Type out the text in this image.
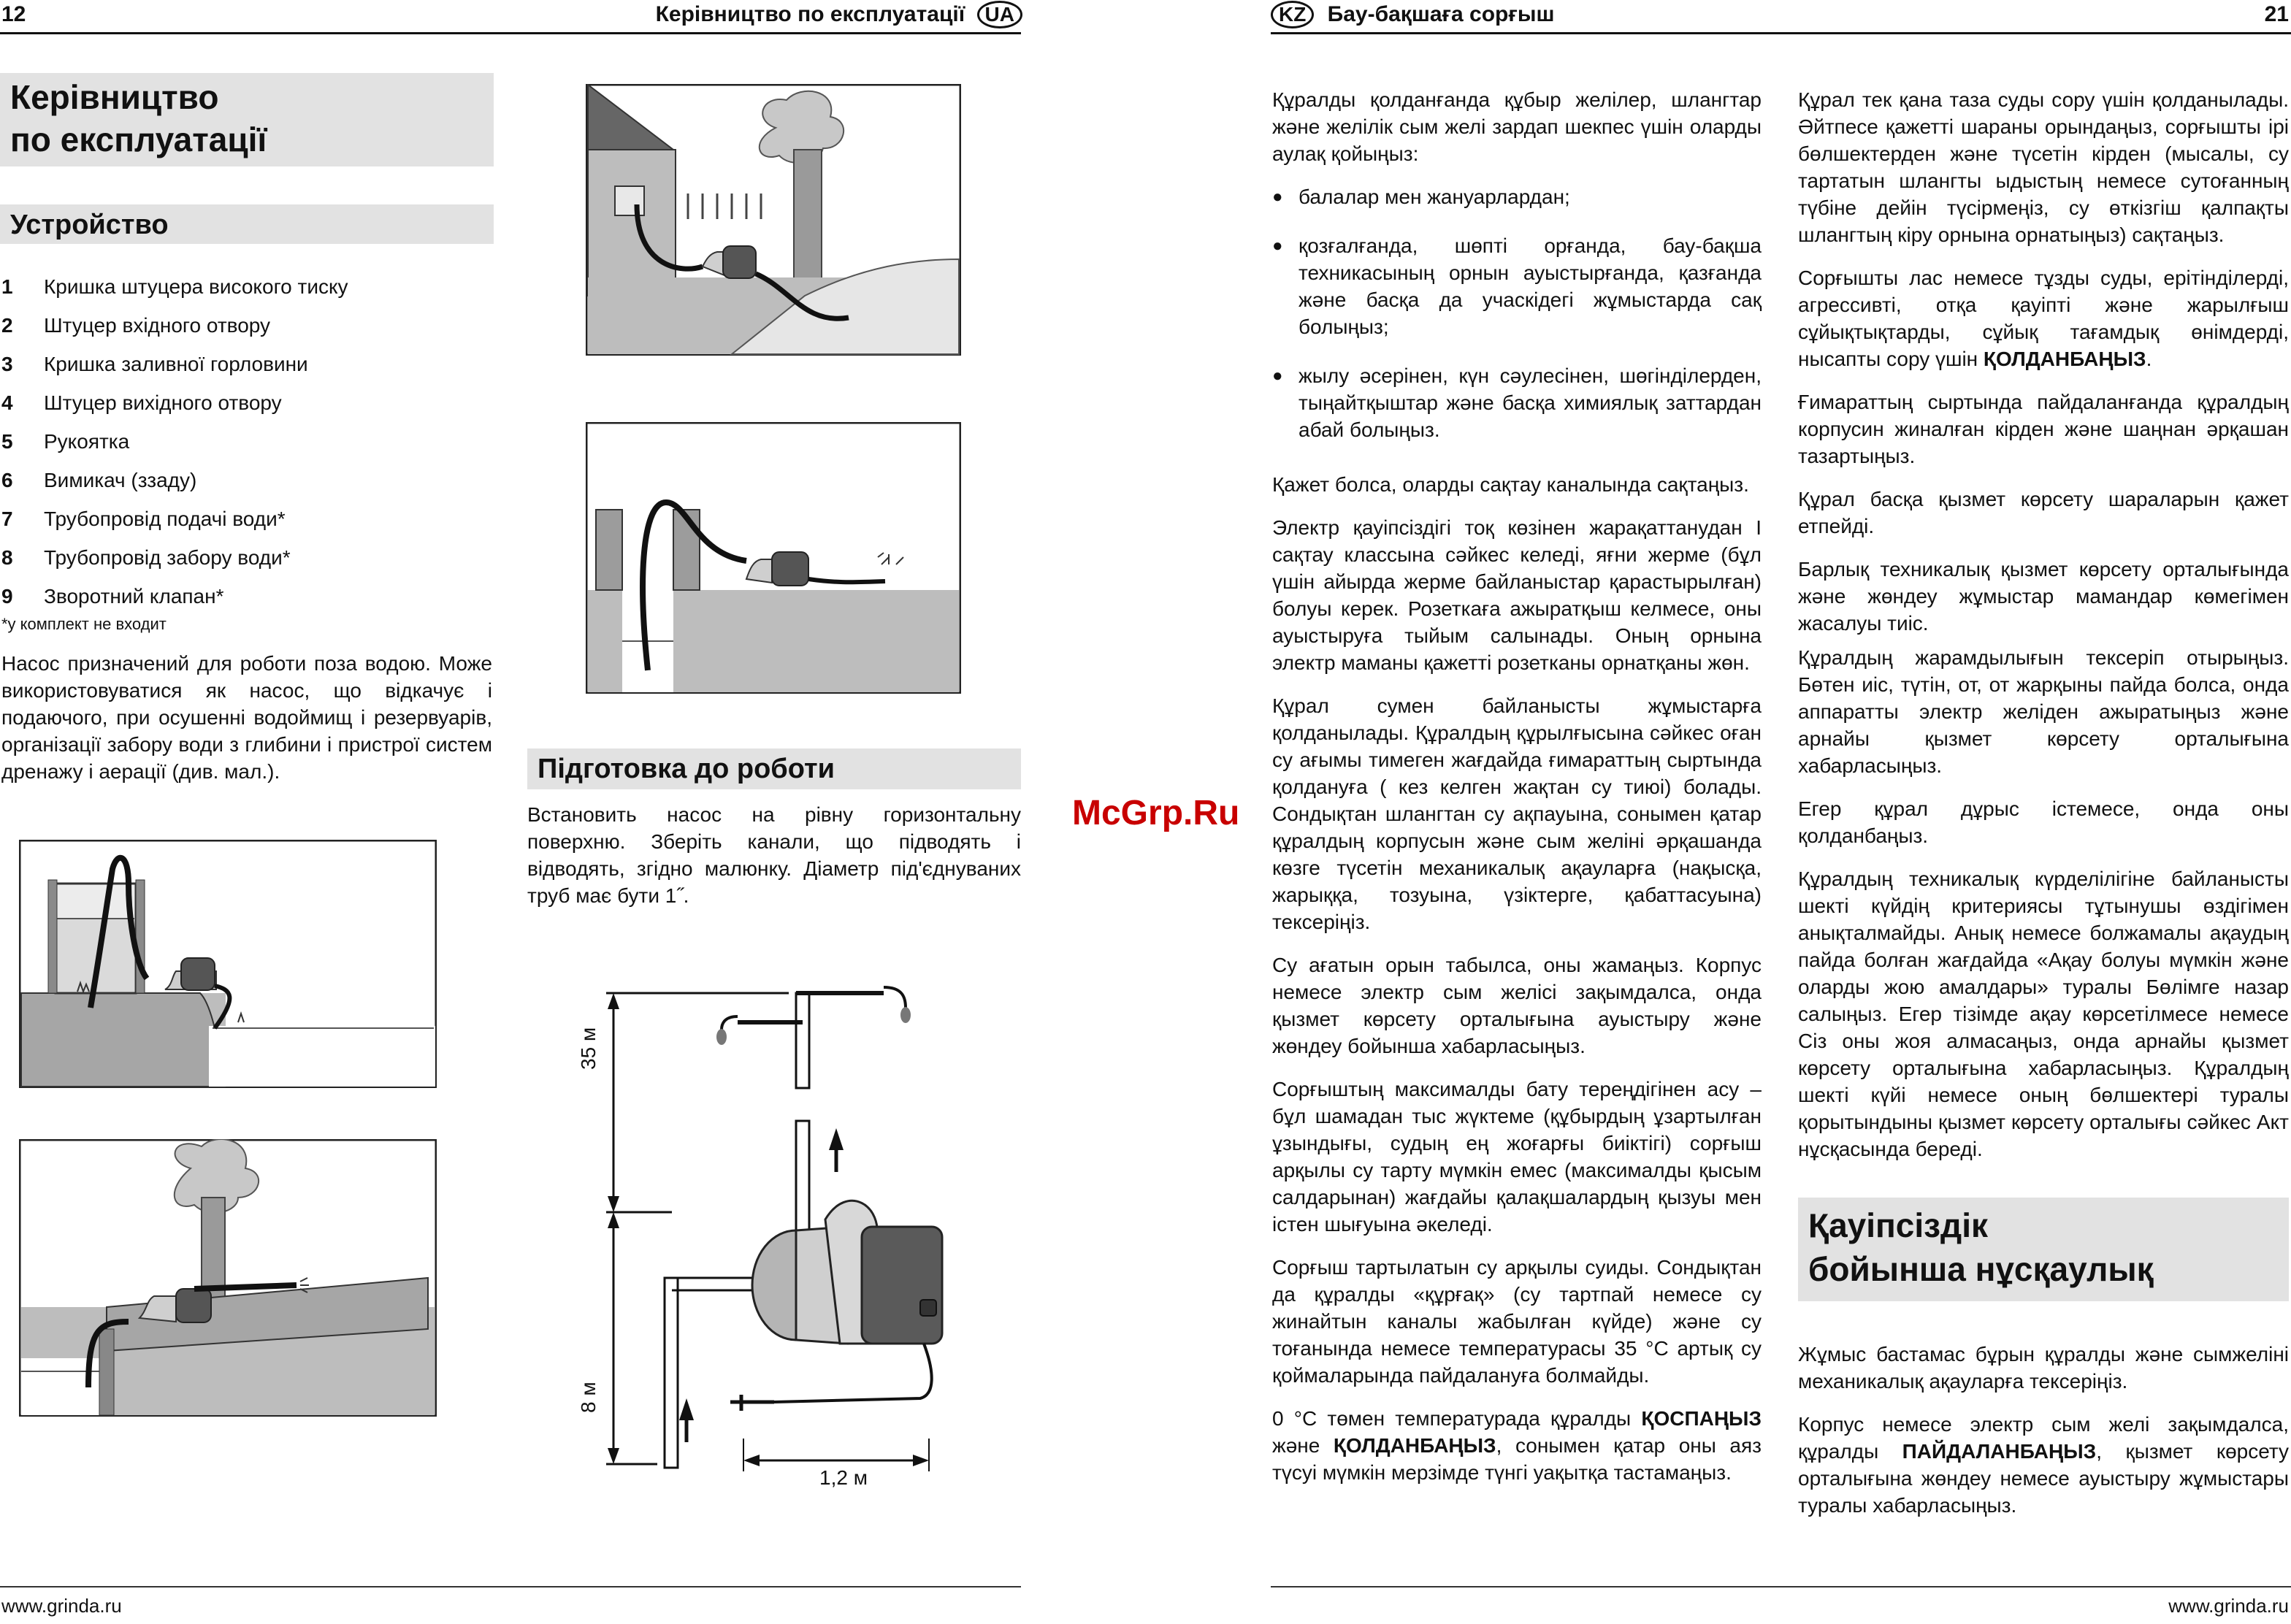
12	Керівництво по експлуатації UA
Керівництво
по експлуатації
Устройство
1	Кришка штуцера високого тиску
2	Штуцер вхідного отвору
3	Кришка заливної горловини
4	Штуцер вихідного отвору
5	Рукоятка
6	Вимикач (ззаду)
7	Трубопровід подачі води*
8	Трубопровід забору води*
9	Зворотний клапан*
*у комплект не входит
Насос призначений для роботи поза водою. Може використовуватися як насос, що відкачує і подаючого, при осушенні водоймищ і резервуарів, організації забору води з глибини і пристрої систем дренажу і аерації (див. мал.).	Підготовка до роботи
Встановить насос на рівну горизонтальну поверхню. Зберіть канали, що підводять і відводять, згідно малюнку. Діаметр під'єднуваних труб має бути 1˝.
35 м
8 м
1,2 м
www.grinda.ru
KZ Бау-бақшаға сорғыш	21
McGrp.Ru

Құралды қолданғанда құбыр желілер, шлангтар және желілік сым желі зардап шекпес үшін оларды аулақ қойыңыз:

● балалар мен жануарлардан;
● қозғалғанда, шөпті орғанда, бау-бақша техникасының орнын ауыстырғанда, қазғанда және басқа да учаскідегі жұмыстарда сақ болыңыз;
● жылу әсерінен, күн сәулесінен, шөгінділерден, тыңайтқыштар және басқа химиялық заттардан абай болыңыз.

Қажет болса, оларды сақтау каналында сақтаңыз.

Электр қауіпсіздігі тоқ көзінен жарақаттанудан I сақтау классына сәйкес келеді, яғни жерме (бұл үшін айырда жерме байланыстар қарастырылған) болуы керек. Розеткаға ажыратқыш келмесе, оны ауыстыруға тыйым салынады. Оның орнына электр маманы қажетті розетканы орнатқаны жөн.

Құрал сумен байланысты жұмыстарға қолданылады. Құралдың құрылғысына сәйкес оған су ағымы тимеген жағдайда ғимараттың сыртында қолдануға ( кез келген жақтан су тиюі) болады. Сондықтан шлангтан су ақпауына, сонымен қатар құралдың корпусын және сым желіні әрқашанда көзге түсетін механикалық ақауларға (нақысқа, жарыққа, тозуына, үзіктерге, қабаттасуына) тексеріңіз.

Су ағатын орын табылса, оны жамаңыз. Корпус немесе электр сым желісі зақымдалса, онда қызмет көрсету орталығына ауыстыру және жөндеу бойынша хабарласыңыз.

Сорғыштың максималды бату тереңдігінен асу – бұл шамадан тыс жүктеме (құбырдың ұзартылған ұзындығы, судың ең жоғарғы биіктігі) сорғыш арқылы су тарту мүмкін емес (максималды қысым салдарынан) жағдайы қалақшалардың қызуы мен істен шығуына әкеледі.

Сорғыш тартылатын су арқылы суиды. Сондықтан да құралды «құрғақ» (су тартпай немесе су жинайтын каналы жабылған күйде) және су тоғанында немесе температурасы 35 °С артық су қоймаларында пайдалануға болмайды.

0 °С төмен температурада құралды ҚОСПАҢЫЗ және ҚОЛДАНБАҢЫЗ, сонымен қатар оны аяз түсуі мүмкін мерзімде түнгі уақытқа тастамаңыз.

Құрал тек қана таза суды сору үшін қолданылады. Әйтпесе қажетті шараны орындаңыз, сорғышты ірі бөлшектерден және түсетін кірден (мысалы, су тартатын шлангты ыдыстың немесе сутоғанның түбіне дейін түсірмеңіз, су өткізгіш қалпақты шлангтың кіру орнына орнатыңыз) сақтаңыз.

Сорғышты лас немесе тұзды суды, ерітінділерді, агрессивті, отқа қауіпті және жарылғыш сұйықтықтарды, сұйық тағамдық өнімдерді, нысапты сору үшін ҚОЛДАНБАҢЫЗ.

Ғимараттың сыртында пайдаланғанда құралдың корпусин жиналған кірден және шаңнан әрқашан тазартыңыз.

Құрал басқа қызмет көрсету шараларын қажет етпейді.

Барлық техникалық қызмет көрсету орталығында және жөндеу жұмыстар мамандар көмегімен жасалуы тиіс.

Құралдың жарамдылығын тексеріп отырыңыз. Бөтен иіс, түтін, от, от жарқыны пайда болса, онда аппаратты электр желіден ажыратыңыз және арнайы қызмет көрсету орталығына хабарласыңыз.

Егер құрал дұрыс істемесе, онда оны қолданбаңыз.

Құралдың техникалық күрделілігіне байланысты шекті күйдің критериясы тұтынушы өздігімен анықталмайды. Анық немесе болжамалы ақаудың пайда болған жағдайда «Ақау болуы мүмкін және оларды жою амалдары» туралы Бөлімге назар салыңыз. Егер тізімде ақау көрсетілмесе немесе Сіз оны жоя алмасаңыз, онда арнайы қызмет көрсету орталығына хабарласыңыз. Құралдың шекті күйі немесе оның бөлшектері туралы қорытындыны қызмет көрсету орталығы сәйкес Акт нұсқасында береді.

Қауіпсіздік
бойынша нұсқаулық

Жұмыс бастамас бұрын құралды және сымжеліні механикалық ақауларға тексеріңіз.

Корпус немесе электр сым желі зақымдалса, құралды ПАЙДАЛАНБАҢЫЗ, қызмет көрсету орталығына жөндеу немесе ауыстыру жұмыстары туралы хабарласыңыз.

www.grinda.ru
